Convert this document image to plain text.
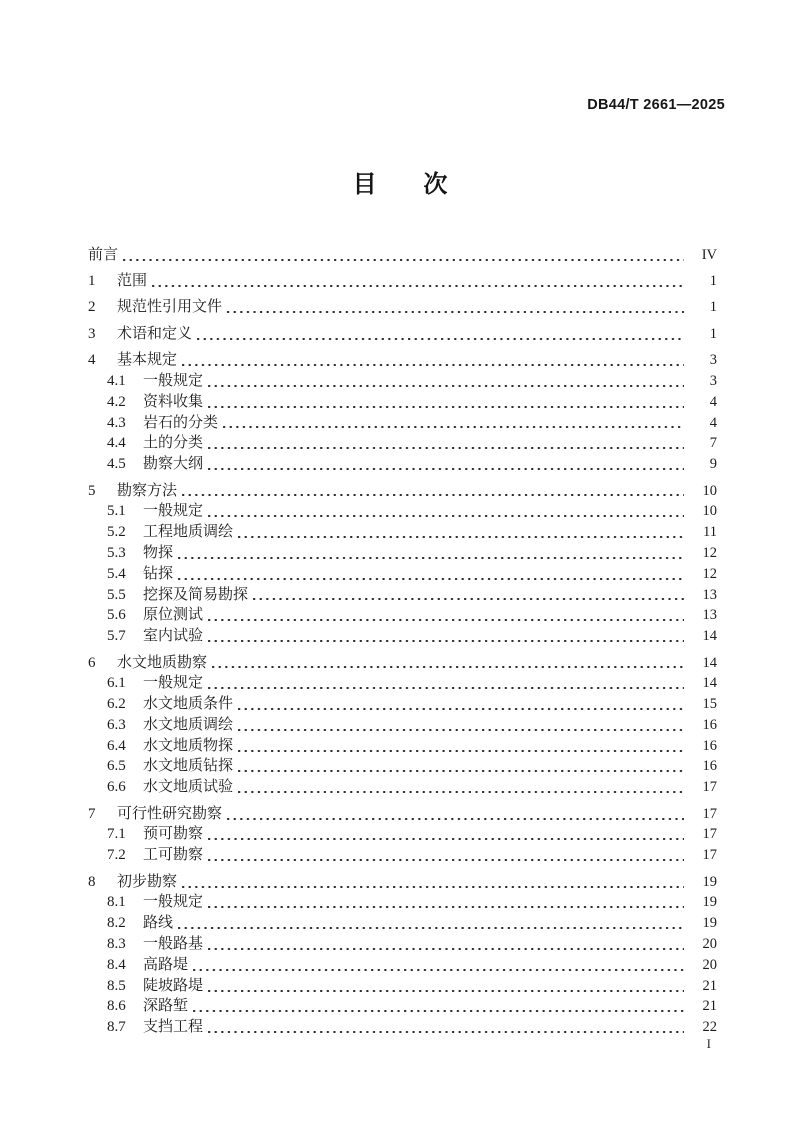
DB44/T 2661—2025
目 次
前言	IV
1	范围	1
2	规范性引用文件	1
3	术语和定义	1
4	基本规定	3
4.1	一般规定	3
4.2	资料收集	4
4.3	岩石的分类	4
4.4	土的分类	7
4.5	勘察大纲	9
5	勘察方法	10
5.1	一般规定	10
5.2	工程地质调绘	11
5.3	物探	12
5.4	钻探	12
5.5	挖探及简易勘探	13
5.6	原位测试	13
5.7	室内试验	14
6	水文地质勘察	14
6.1	一般规定	14
6.2	水文地质条件	15
6.3	水文地质调绘	16
6.4	水文地质物探	16
6.5	水文地质钻探	16
6.6	水文地质试验	17
7	可行性研究勘察	17
7.1	预可勘察	17
7.2	工可勘察	17
8	初步勘察	19
8.1	一般规定	19
8.2	路线	19
8.3	一般路基	20
8.4	高路堤	20
8.5	陡坡路堤	21
8.6	深路堑	21
8.7	支挡工程	22
I
